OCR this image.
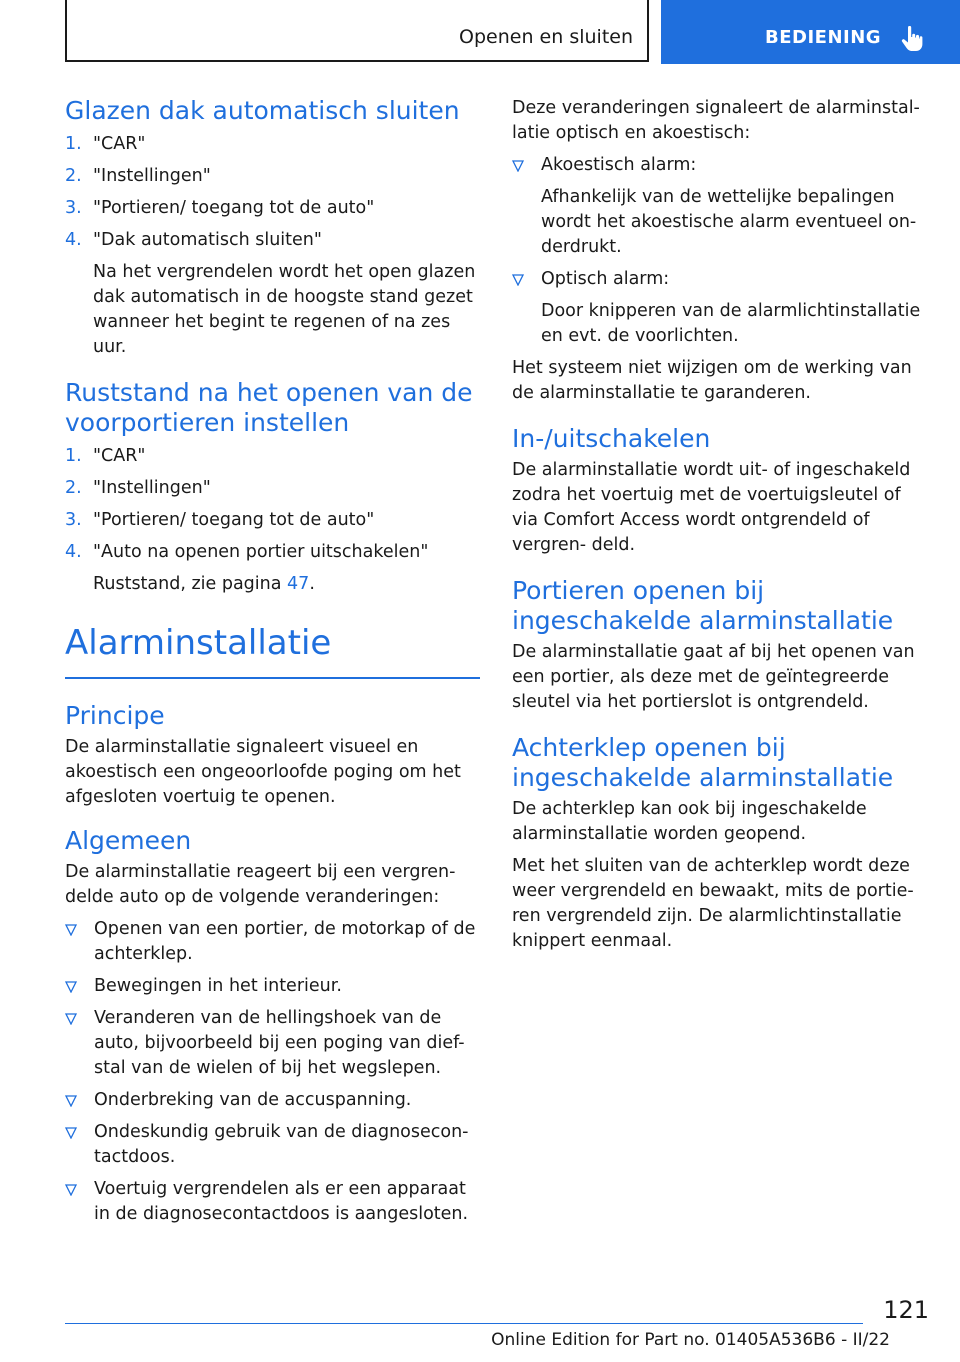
Openen en sluiten	BEDIENING
Glazen dak automatisch sluiten
1. "CAR"
2. "Instellingen"
3. "Portieren/ toegang tot de auto"
4. "Dak automatisch sluiten"
Na het vergrendelen wordt het open glazen dak automatisch in de hoogste stand gezet wanneer het begint te regenen of na zes uur.
Ruststand na het openen van de voorportieren instellen
1. "CAR"
2. "Instellingen"
3. "Portieren/ toegang tot de auto"
4. "Auto na openen portier uitschakelen"
Ruststand, zie pagina 47.
Alarminstallatie
Principe

De alarminstallatie signaleert visueel en akoestisch een ongeoorloofde poging om het afgesloten voertuig te openen.

Algemeen

De alarminstallatie reageert bij een vergren- delde auto op de volgende veranderingen:

Openen van een portier, de motorkap of de achterklep.
Bewegingen in het interieur.
Veranderen van de hellingshoek van de auto, bijvoorbeeld bij een poging van dief- stal van de wielen of bij het wegslepen.
Onderbreking van de accuspanning.
Ondeskundig gebruik van de diagnosecon- tactdoos.
Voertuig vergrendelen als er een apparaat in de diagnosecontactdoos is aangesloten.

Deze veranderingen signaleert de alarminstal- latie optisch en akoestisch:

Akoestisch alarm:
Afhankelijk van de wettelijke bepalingen wordt het akoestische alarm eventueel on- derdrukt.
Optisch alarm:
Door knipperen van de alarmlichtinstallatie en evt. de voorlichten.

Het systeem niet wijzigen om de werking van de alarminstallatie te garanderen.

In-/uitschakelen

De alarminstallatie wordt uit- of ingeschakeld zodra het voertuig met de voertuigsleutel of via Comfort Access wordt ontgrendeld of vergren- deld.

Portieren openen bij ingeschakelde alarminstallatie

De alarminstallatie gaat af bij het openen van een portier, als deze met de geïntegreerde sleutel via het portierslot is ontgrendeld.

Achterklep openen bij ingeschakelde alarminstallatie

De achterklep kan ook bij ingeschakelde alarminstallatie worden geopend.

Met het sluiten van de achterklep wordt deze weer vergrendeld en bewaakt, mits de portie- ren vergrendeld zijn. De alarmlichtinstallatie knippert eenmaal.

121
Online Edition for Part no. 01405A536B6 - II/22
